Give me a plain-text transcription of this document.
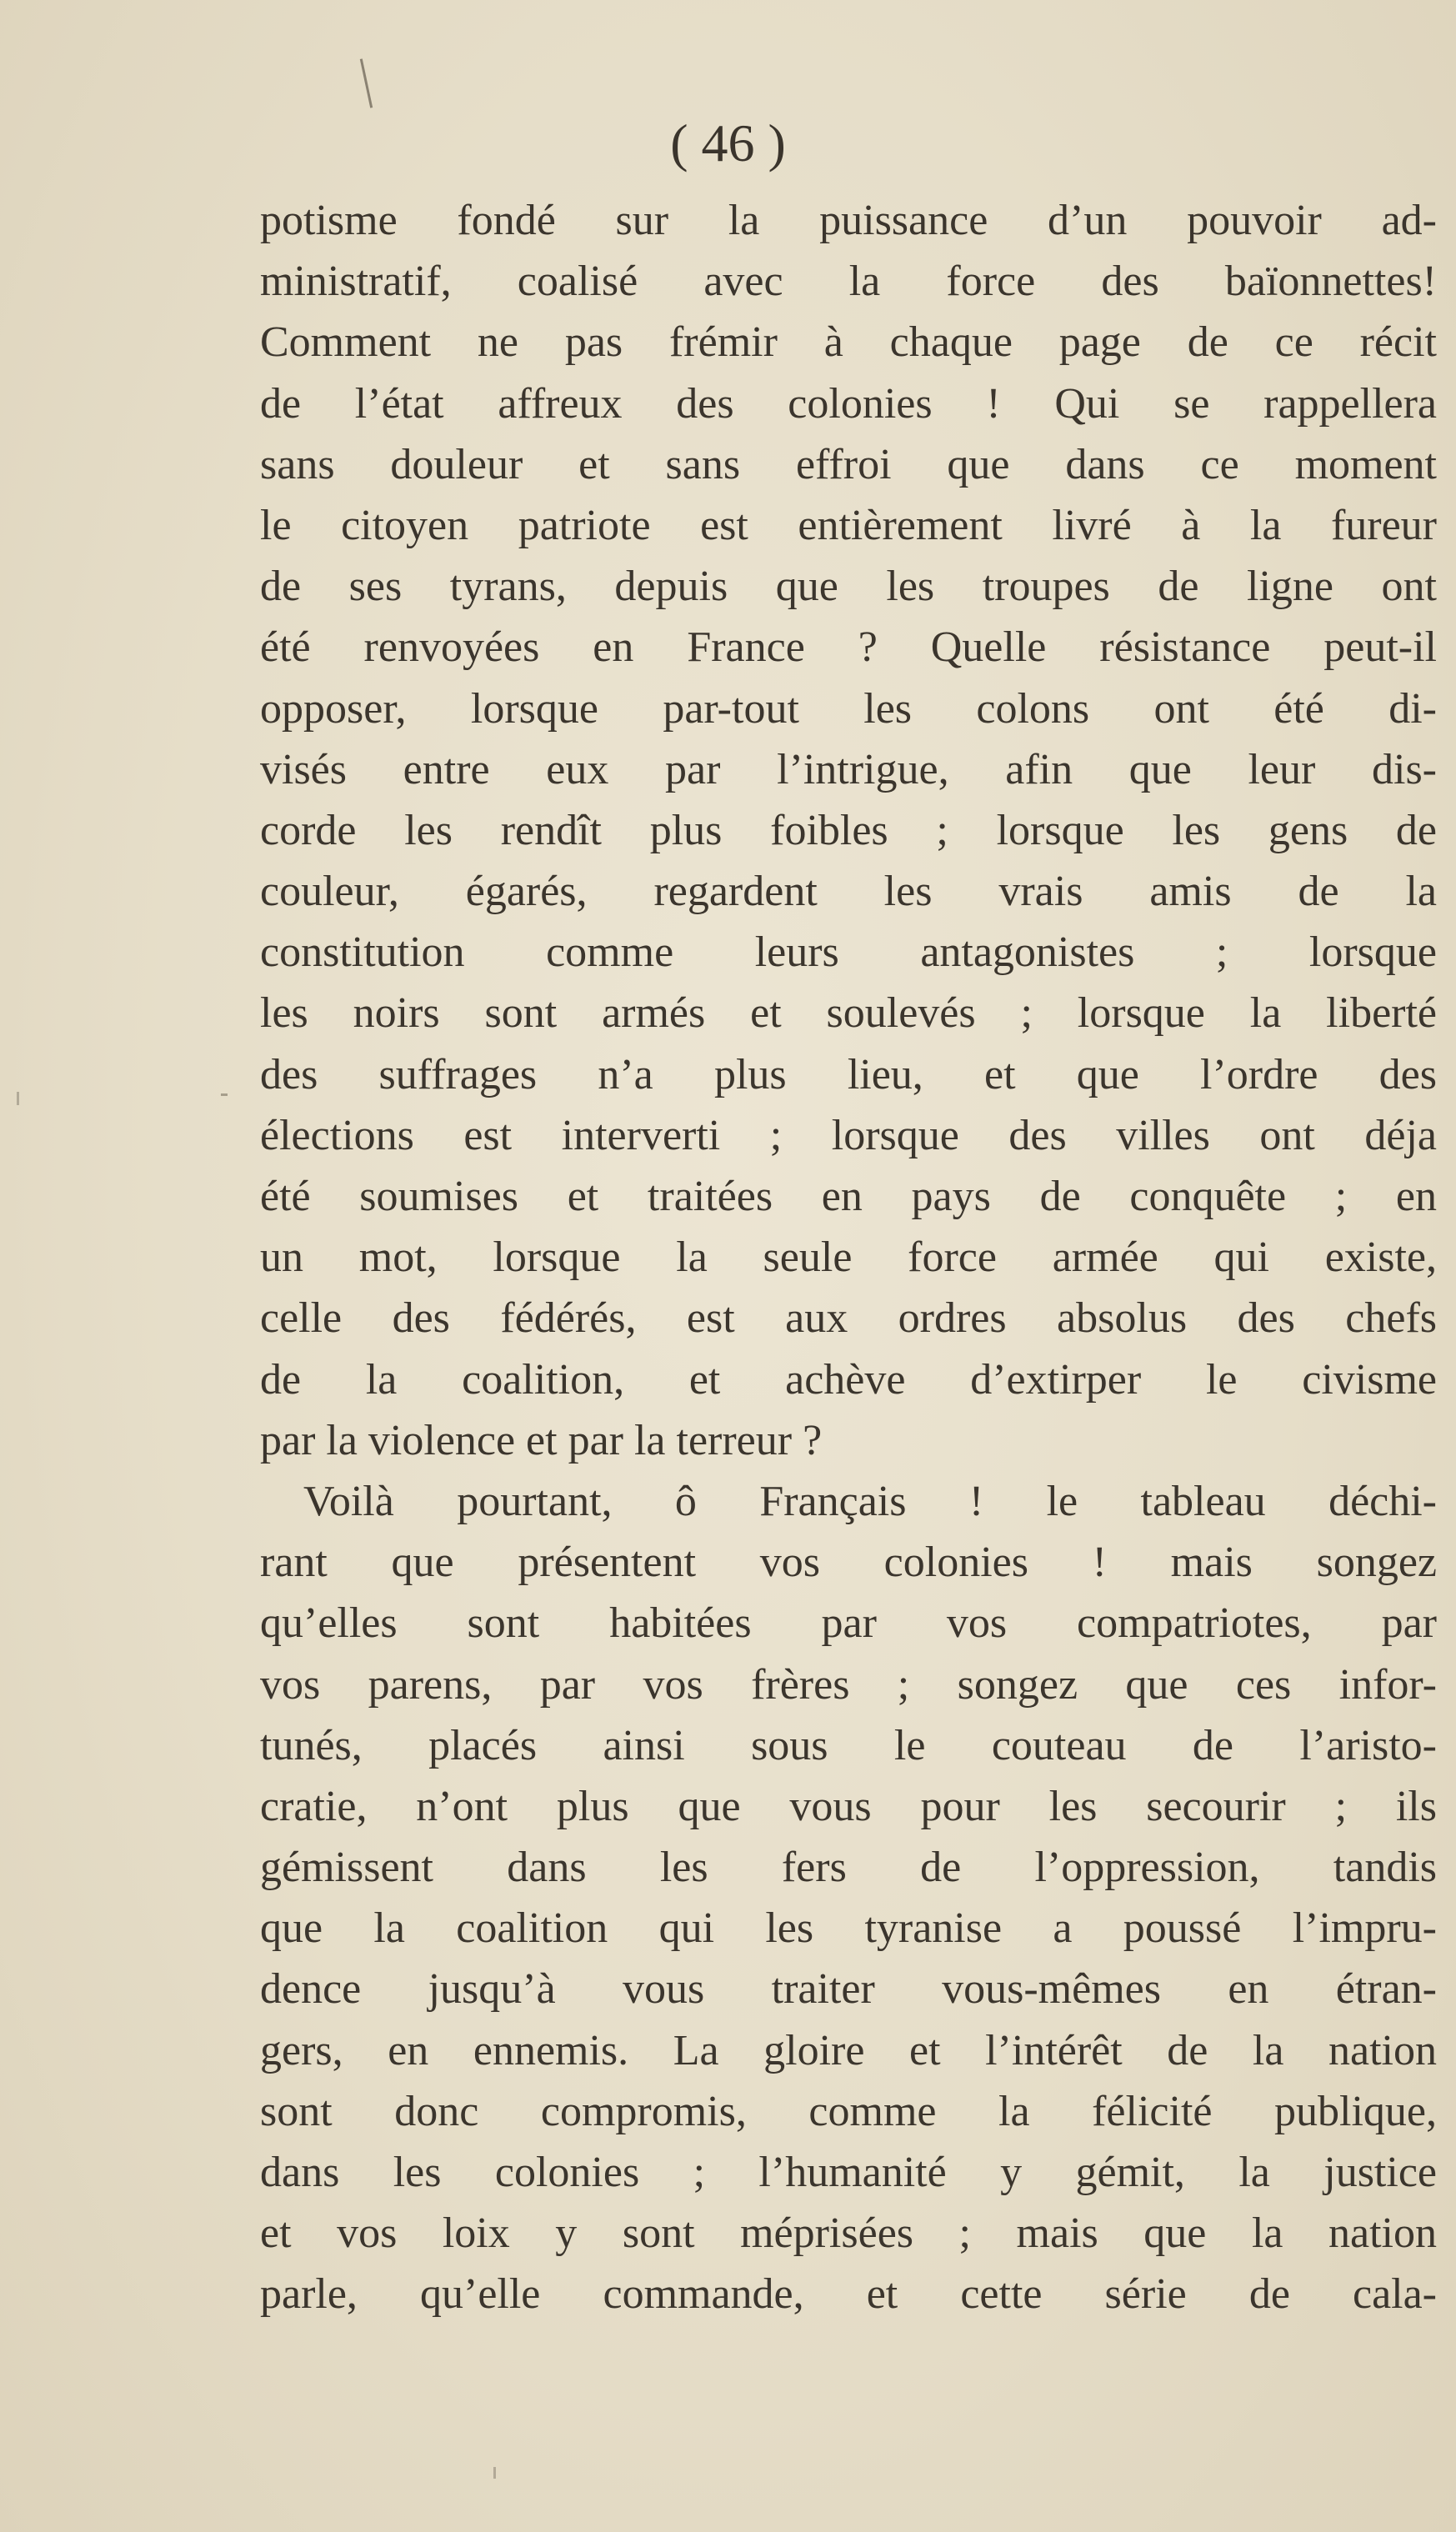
( 46 )
potisme fondé sur la puissance d’un pouvoir ad-
ministratif, coalisé avec la force des baïonnettes!
Comment ne pas frémir à chaque page de ce récit
de l’état affreux des colonies ! Qui se rappellera
sans douleur et sans effroi que dans ce moment
le citoyen patriote est entièrement livré à la fureur
de ses tyrans, depuis que les troupes de ligne ont
été renvoyées en France ? Quelle résistance peut-il
opposer, lorsque par-tout les colons ont été di-
visés entre eux par l’intrigue, afin que leur dis-
corde les rendît plus foibles ; lorsque les gens de
couleur, égarés, regardent les vrais amis de la
constitution comme leurs antagonistes ; lorsque
les noirs sont armés et soulevés ; lorsque la liberté
des suffrages n’a plus lieu, et que l’ordre des
élections est interverti ; lorsque des villes ont déja
été soumises et traitées en pays de conquête ; en
un mot, lorsque la seule force armée qui existe,
celle des fédérés, est aux ordres absolus des chefs
de la coalition, et achève d’extirper le civisme
par la violence et par la terreur ?
Voilà pourtant, ô Français ! le tableau déchi-
rant que présentent vos colonies ! mais songez
qu’elles sont habitées par vos compatriotes, par
vos parens, par vos frères ; songez que ces infor-
tunés, placés ainsi sous le couteau de l’aristo-
cratie, n’ont plus que vous pour les secourir ; ils
gémissent dans les fers de l’oppression, tandis
que la coalition qui les tyranise a poussé l’impru-
dence jusqu’à vous traiter vous-mêmes en étran-
gers, en ennemis. La gloire et l’intérêt de la nation
sont donc compromis, comme la félicité publique,
dans les colonies ; l’humanité y gémit, la justice
et vos loix y sont méprisées ; mais que la nation
parle, qu’elle commande, et cette série de cala-
